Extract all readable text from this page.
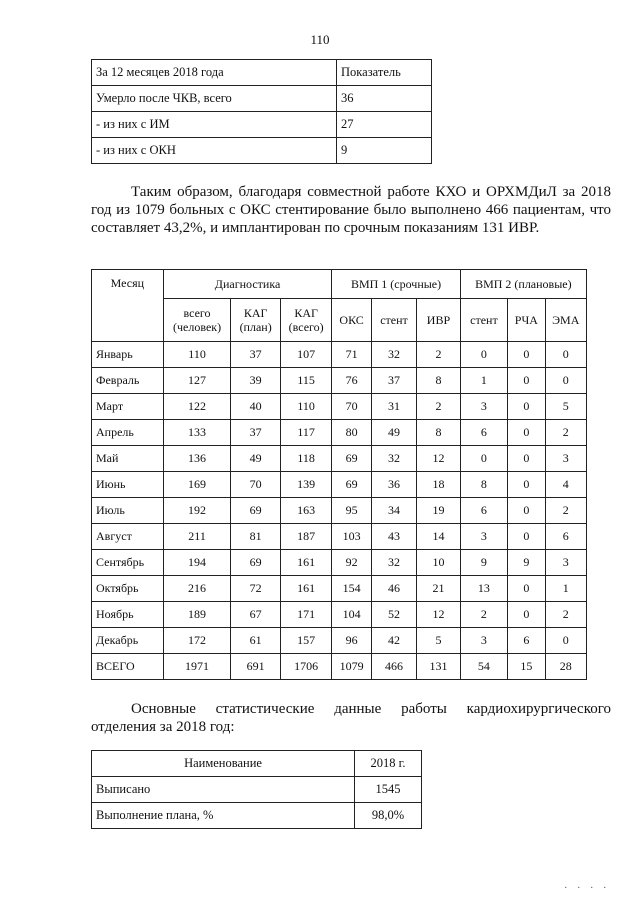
110
За 12 месяцев 2018 года	Показатель
Умерло после ЧКВ, всего	36
- из них с ИМ	27
- из них с ОКН	9
Таким образом, благодаря совместной работе КХО и ОРХМДиЛ за 2018 год из 1079 больных с ОКС стентирование было выполнено 466 пациентам, что составляет 43,2%, и имплантирован по срочным показаниям 131 ИВР.
Месяц	Диагностика			ВМП 1 (срочные)			ВМП 2 (плановые)		
	всего (человек)	КАГ (план)	КАГ (всего)	ОКС	стент	ИВР	стент	РЧА	ЭМА
Январь	110	37	107	71	32	2	0	0	0
Февраль	127	39	115	76	37	8	1	0	0
Март	122	40	110	70	31	2	3	0	5
Апрель	133	37	117	80	49	8	6	0	2
Май	136	49	118	69	32	12	0	0	3
Июнь	169	70	139	69	36	18	8	0	4
Июль	192	69	163	95	34	19	6	0	2
Август	211	81	187	103	43	14	3	0	6
Сентябрь	194	69	161	92	32	10	9	9	3
Октябрь	216	72	161	154	46	21	13	0	1
Ноябрь	189	67	171	104	52	12	2	0	2
Декабрь	172	61	157	96	42	5	3	6	0
ВСЕГО	1971	691	1706	1079	466	131	54	15	28
Основные статистические данные работы кардиохирургического отделения за 2018 год:
Наименование	2018 г.
Выписано	1545
Выполнение плана, %	98,0%
. . . .
